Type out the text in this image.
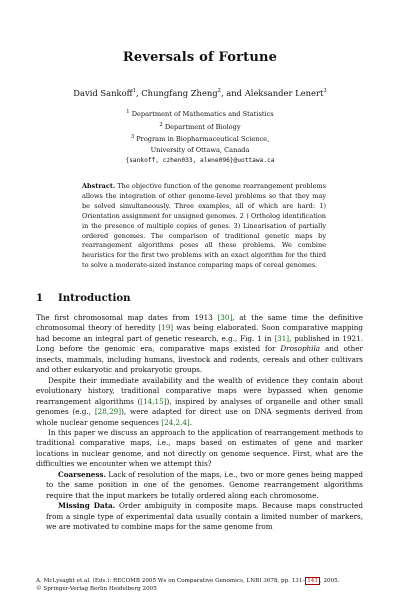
Reversals of Fortune
David Sankoff$^1$, Chungfang Zheng$^2$, and Aleksander Lenert$^3$
$^1$ Department of Mathematics and Statistics
$^2$ Department of Biology
$^3$ Program in Biopharmaceutical Science,
University of Ottawa, Canada
{sankoff, czhen033, alene096}@uottawa.ca
Abstract. The objective function of the genome rearrangement problems allows the integration of other genome-level problems so that they may be solved simultaneously. Three examples, all of which are hard: 1) Orientation assignment for unsigned genomes. 2 ) Ortholog identification in the presence of multiple copies of genes. 3) Linearisation of partially ordered genomes. The comparison of traditional genetic maps by rearrangement algorithms poses all these problems. We combine heuristics for the first two problems with an exact algorithm for the third to solve a moderate-sized instance comparing maps of cereal genomes.
1 Introduction

The first chromosomal map dates from 1913 [30], at the same time the definitive chromosomal theory of heredity [19] was being elaborated. Soon comparative mapping had become an integral part of genetic research, e.g., Fig. 1 in [31], published in 1921. Long before the genomic era, comparative maps existed for Drosophila and other insects, mammals, including humans, livestock and rodents, cereals and other cultivars and other eukaryotic and prokaryotic groups.

Despite their immediate availability and the wealth of evidence they contain about evolutionary history, traditional comparative maps were bypassed when genome rearrangement algorithms ([14,15]), inspired by analyses of organelle and other small genomes (e.g., [28,29]), were adapted for direct use on DNA segments derived from whole nuclear genome sequences [24,2,4].

In this paper we discuss an approach to the application of rearrangement methods to traditional comparative maps, i.e., maps based on estimates of gene and marker locations in nuclear genome, and not directly on genome sequence. First, what are the difficulties we encounter when we attempt this?

Coarseness. Lack of resolution of the maps, i.e., two or more genes being mapped to the same position in one of the genomes. Genome rearrangement algorithms require that the input markers be totally ordered along each chromosome.

Missing Data. Order ambiguity in composite maps. Because maps constructed from a single type of experimental data usually contain a limited number of markers, we are motivated to combine maps for the same genome from

A. McLysaght et al. (Eds.): RECOMB 2005 Ws on Comparative Genomics, LNBI 3678, pp. 131– 141 , 2005.
© Springer-Verlag Berlin Heidelberg 2005
